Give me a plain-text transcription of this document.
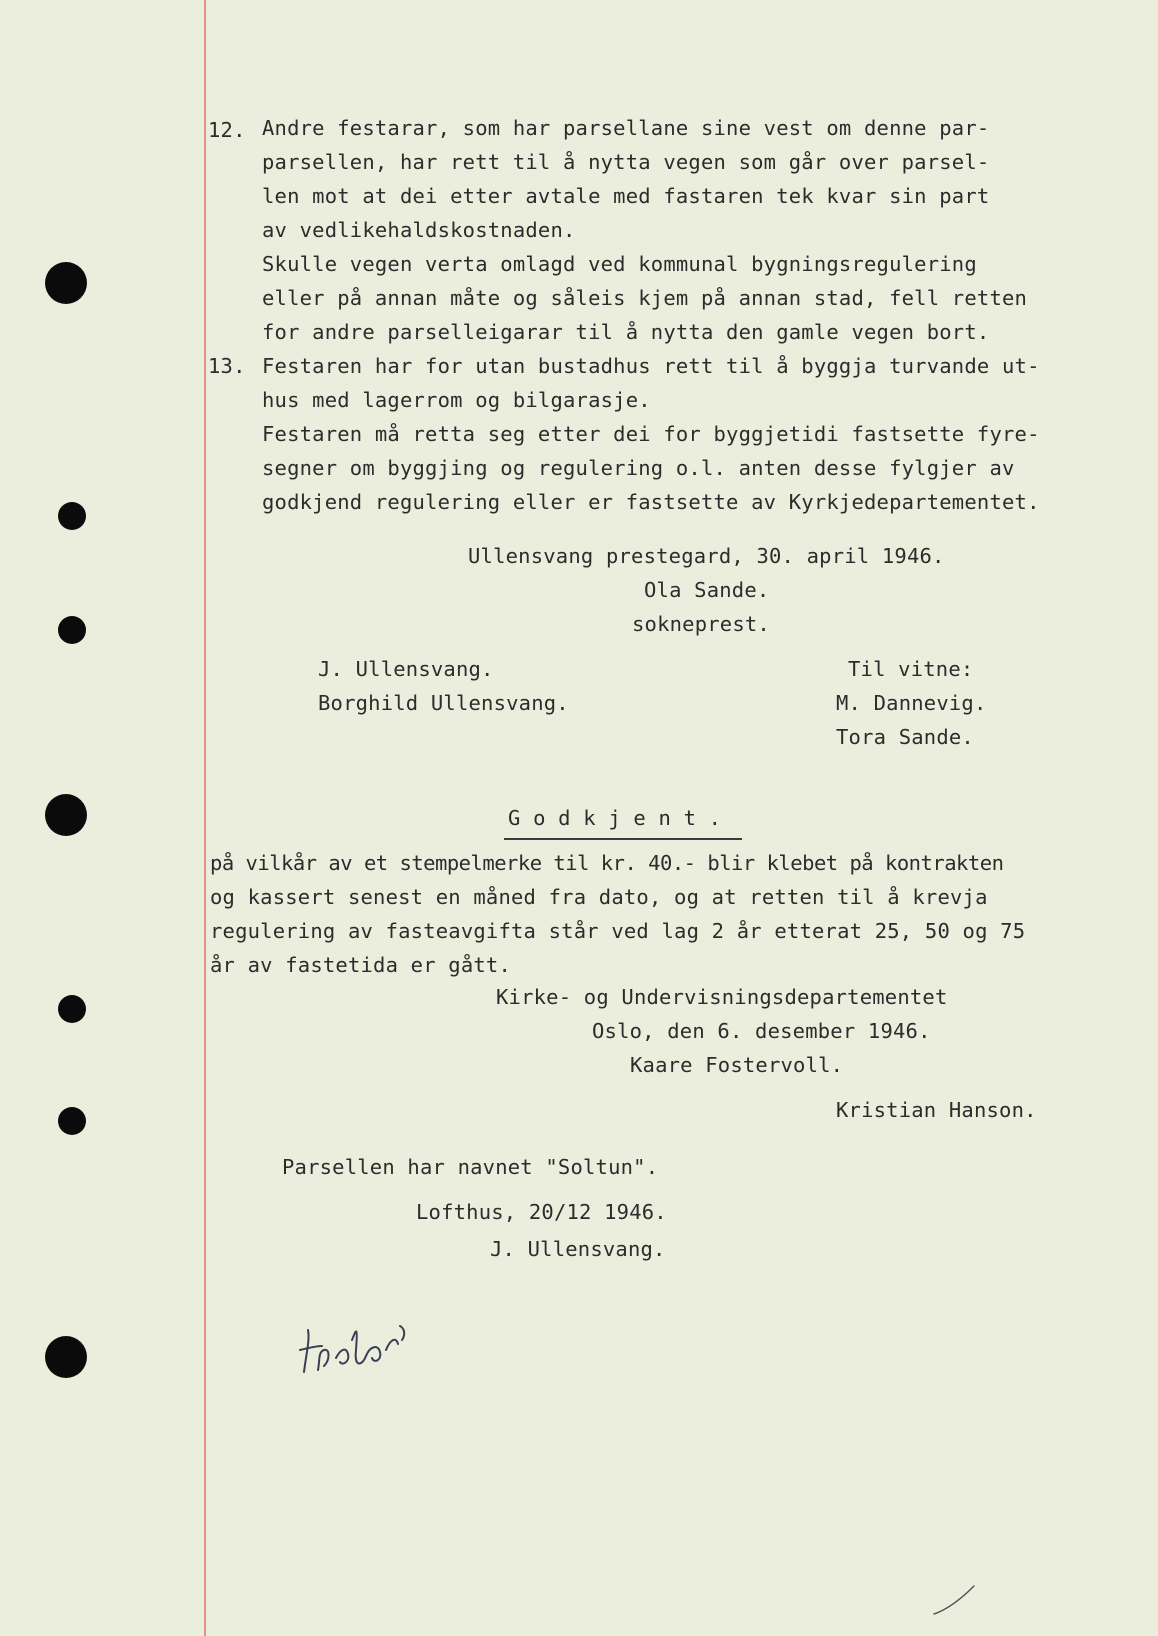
12. Andre festarar, som har parsellane sine vest om denne par-
parsellen, har rett til å nytta vegen som går over parsel-
len mot at dei etter avtale med fastaren tek kvar sin part
av vedlikehaldskostnaden.
Skulle vegen verta omlagd ved kommunal bygningsregulering
eller på annan måte og såleis kjem på annan stad, fell retten
for andre parselleigarar til å nytta den gamle vegen bort.
13. Festaren har for utan bustadhus rett til å byggja turvande ut-
hus med lagerrom og bilgarasje.
Festaren må retta seg etter dei for byggjetidi fastsette fyre-
segner om byggjing og regulering o.l. anten desse fylgjer av
godkjend regulering eller er fastsette av Kyrkjedepartementet.
Ullensvang prestegard, 30. april 1946.
Ola Sande.
sokneprest.
J. Ullensvang.
Borghild Ullensvang.
Til vitne:
M. Dannevig.
Tora Sande.
G o d k j e n t .
på vilkår av et stempelmerke til kr. 40.- blir klebet på kontrakten
og kassert senest en måned fra dato, og at retten til å krevja
regulering av fasteavgifta står ved lag 2 år etterat 25, 50 og 75
år av fastetida er gått.
Kirke- og Undervisningsdepartementet
Oslo, den 6. desember 1946.
Kaare Fostervoll.
Kristian Hanson.
Parsellen har navnet "Soltun".
Lofthus, 20/12 1946.
J. Ullensvang.
